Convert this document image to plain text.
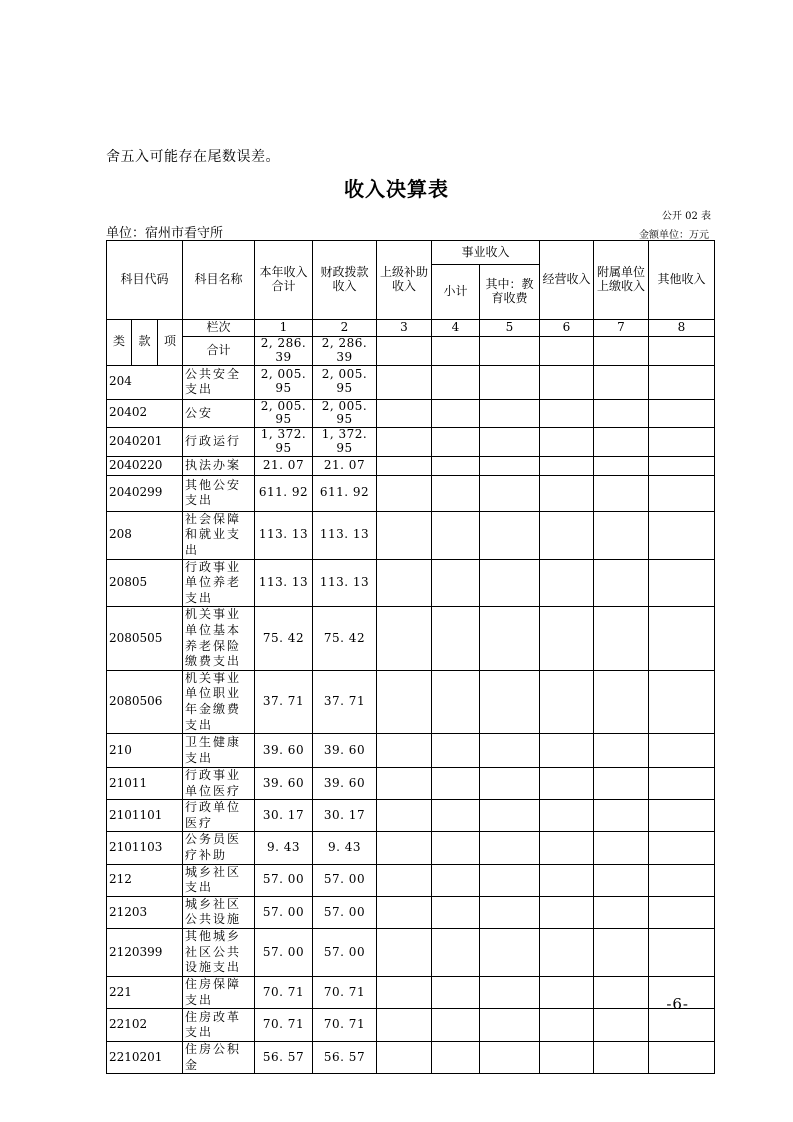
舍五入可能存在尾数误差。
收入决算表
公开 02 表
单位：宿州市看守所	金额单位：万元
科目代码			科目名称	本年收入合计	财政拨款收入	上级补助收入	事业收入		经营收入	附属单位上缴收入	其他收入
							小计	其中：教育收费			
类	款	项	栏次	1	2	3	4	5	6	7	8
			合计	2, 286. 39	2, 286. 39						
204			公共安全支出	2, 005. 95	2, 005. 95						
20402			公安	2, 005. 95	2, 005. 95						
2040201			行政运行	1, 372. 95	1, 372. 95						
2040220			执法办案	21. 07	21. 07						
2040299			其他公安支出	611. 92	611. 92						
208			社会保障和就业支出	113. 13	113. 13						
20805			行政事业单位养老支出	113. 13	113. 13						
2080505			机关事业单位基本养老保险缴费支出	75. 42	75. 42						
2080506			机关事业单位职业年金缴费支出	37. 71	37. 71						
210			卫生健康支出	39. 60	39. 60						
21011			行政事业单位医疗	39. 60	39. 60						
2101101			行政单位医疗	30. 17	30. 17						
2101103			公务员医疗补助	9. 43	9. 43						
212			城乡社区支出	57. 00	57. 00						
21203			城乡社区公共设施	57. 00	57. 00						
2120399			其他城乡社区公共设施支出	57. 00	57. 00						
221			住房保障支出	70. 71	70. 71						
22102			住房改革支出	70. 71	70. 71						
2210201			住房公积金	56. 57	56. 57						
-6-
